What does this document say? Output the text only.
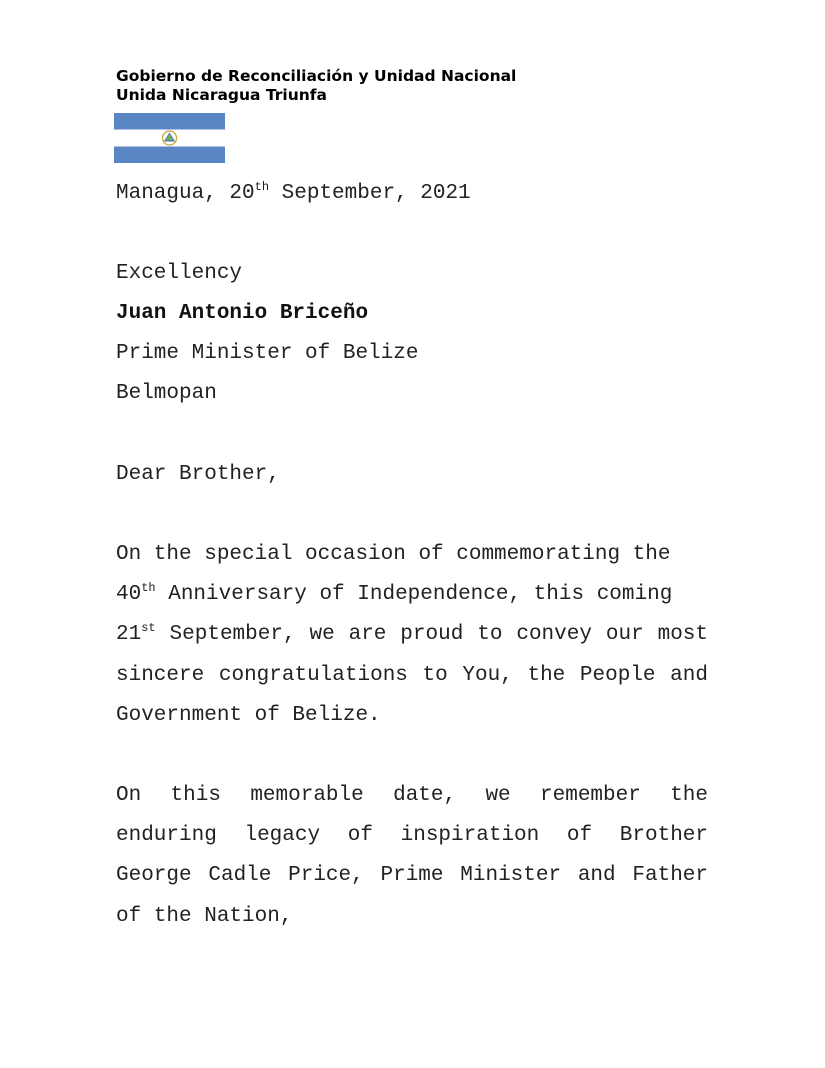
Gobierno de Reconciliación y Unidad Nacional
Unida Nicaragua Triunfa
Managua, 20th September, 2021
Excellency
Juan Antonio Briceño
Prime Minister of Belize
Belmopan
Dear Brother,

On the special occasion of commemorating the

40th Anniversary of Independence, this coming

21st September, we are proud to convey our most sincere congratulations to You, the People and Government of Belize.

On this memorable date, we remember the enduring legacy of inspiration of Brother George Cadle Price, Prime Minister and Father of the Nation,
